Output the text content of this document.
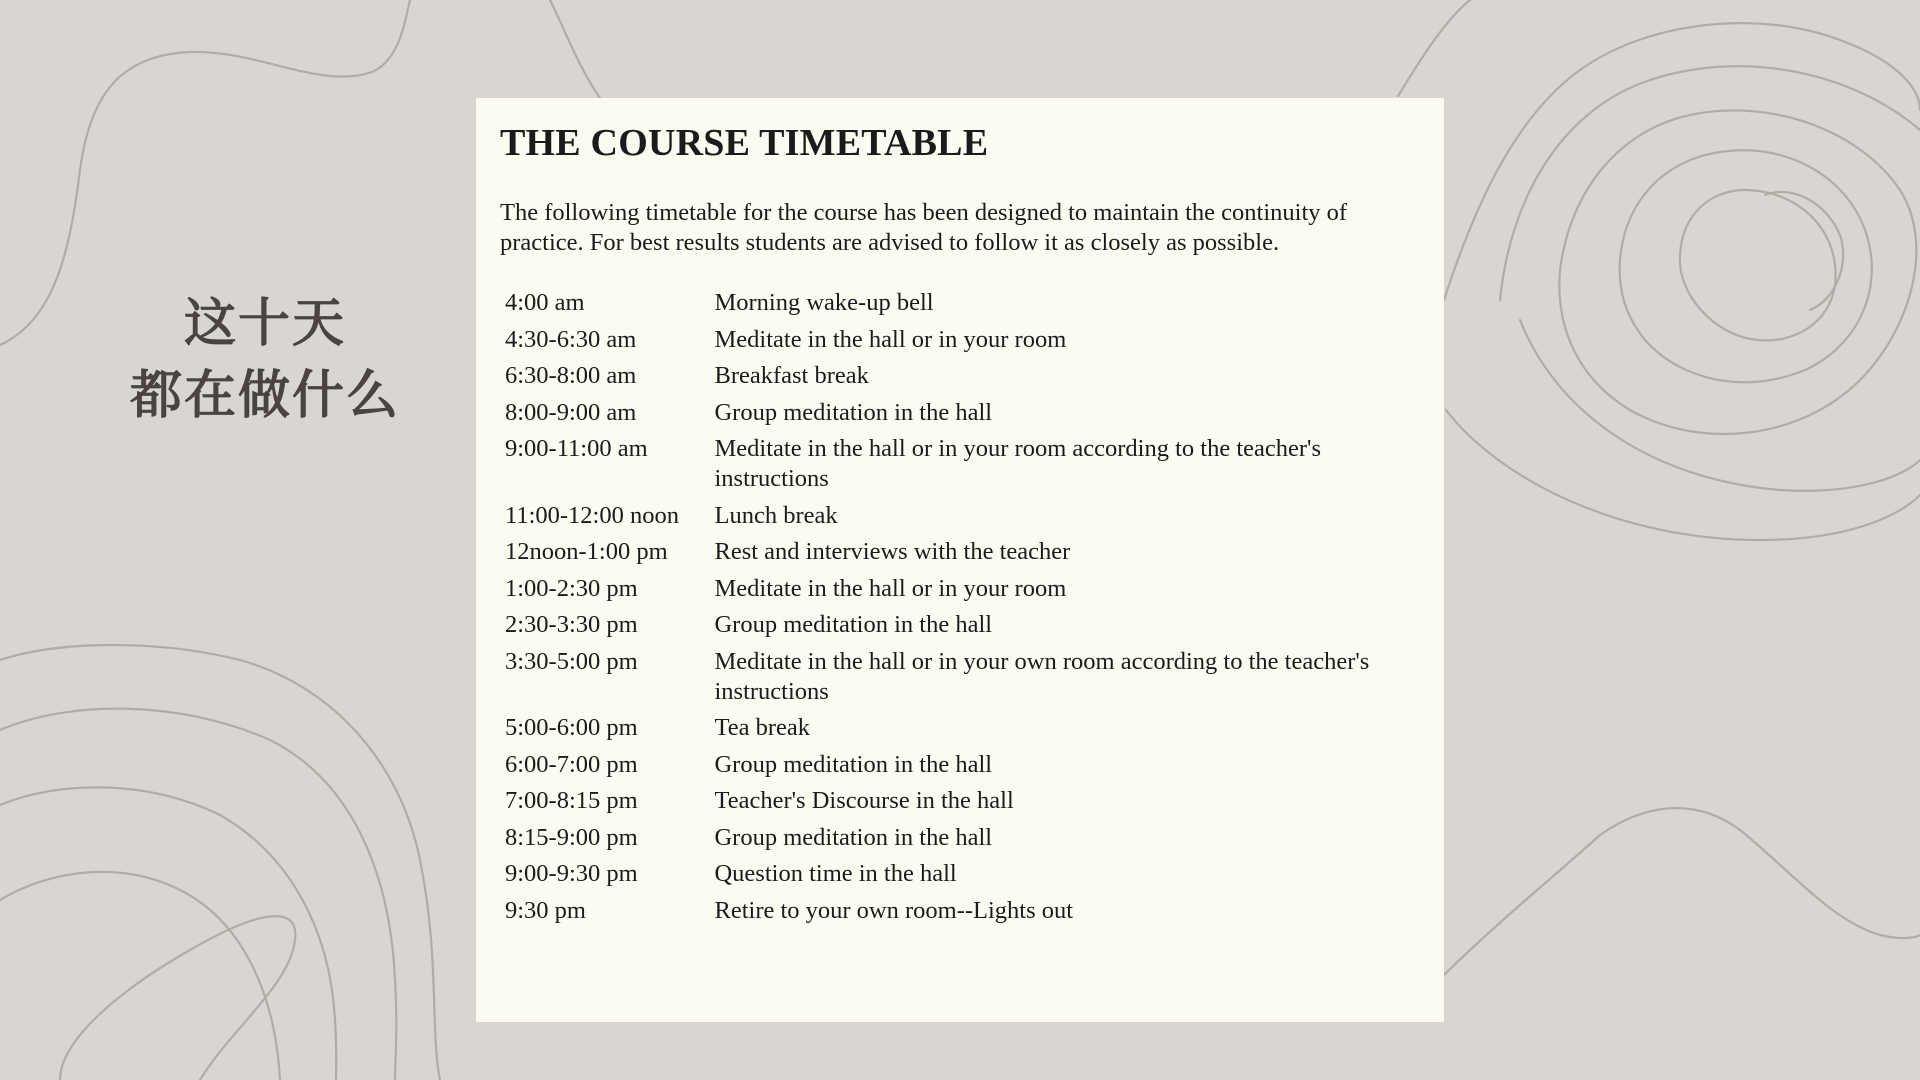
这十天
都在做什么
THE COURSE TIMETABLE

The following timetable for the course has been designed to maintain the continuity of practice. For best results students are advised to follow it as closely as possible.

4:00 am	Morning wake-up bell
4:30-6:30 am	Meditate in the hall or in your room
6:30-8:00 am	Breakfast break
8:00-9:00 am	Group meditation in the hall
9:00-11:00 am	Meditate in the hall or in your room according to the teacher's instructions
11:00-12:00 noon	Lunch break
12noon-1:00 pm	Rest and interviews with the teacher
1:00-2:30 pm	Meditate in the hall or in your room
2:30-3:30 pm	Group meditation in the hall
3:30-5:00 pm	Meditate in the hall or in your own room according to the teacher's instructions
5:00-6:00 pm	Tea break
6:00-7:00 pm	Group meditation in the hall
7:00-8:15 pm	Teacher's Discourse in the hall
8:15-9:00 pm	Group meditation in the hall
9:00-9:30 pm	Question time in the hall
9:30 pm	Retire to your own room--Lights out
